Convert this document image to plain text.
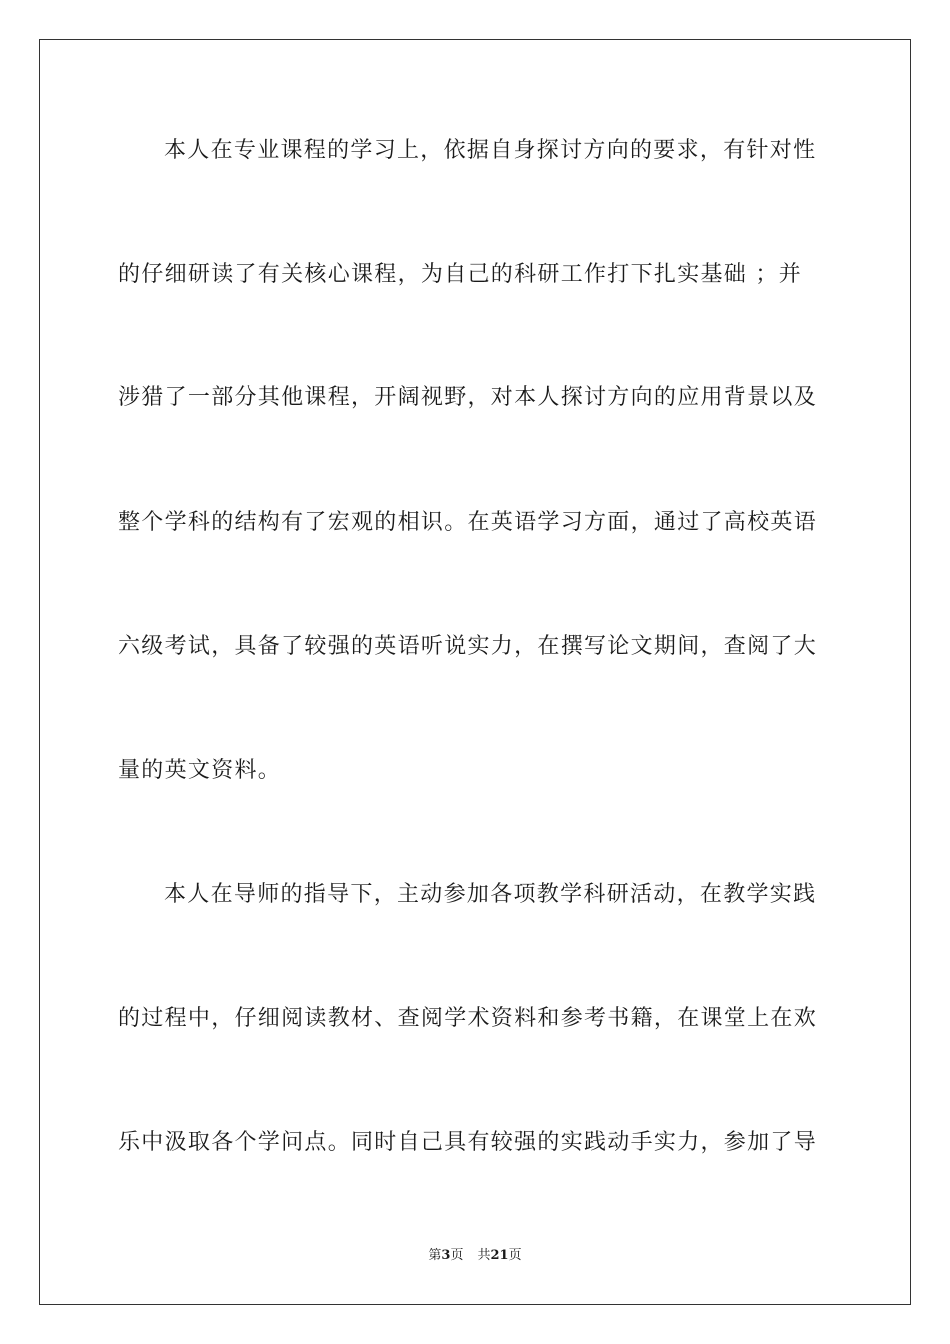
本人在专业课程的学习上，依据自身探讨方向的要求，有针对性
的仔细研读了有关核心课程，为自己的科研工作打下扎实基础 ；并
涉猎了一部分其他课程，开阔视野，对本人探讨方向的应用背景以及
整个学科的结构有了宏观的相识。在英语学习方面，通过了高校英语
六级考试，具备了较强的英语听说实力，在撰写论文期间，查阅了大
量的英文资料。
本人在导师的指导下，主动参加各项教学科研活动，在教学实践
的过程中，仔细阅读教材、查阅学术资料和参考书籍，在课堂上在欢
乐中汲取各个学问点。同时自己具有较强的实践动手实力，参加了导
第3页 共21页
